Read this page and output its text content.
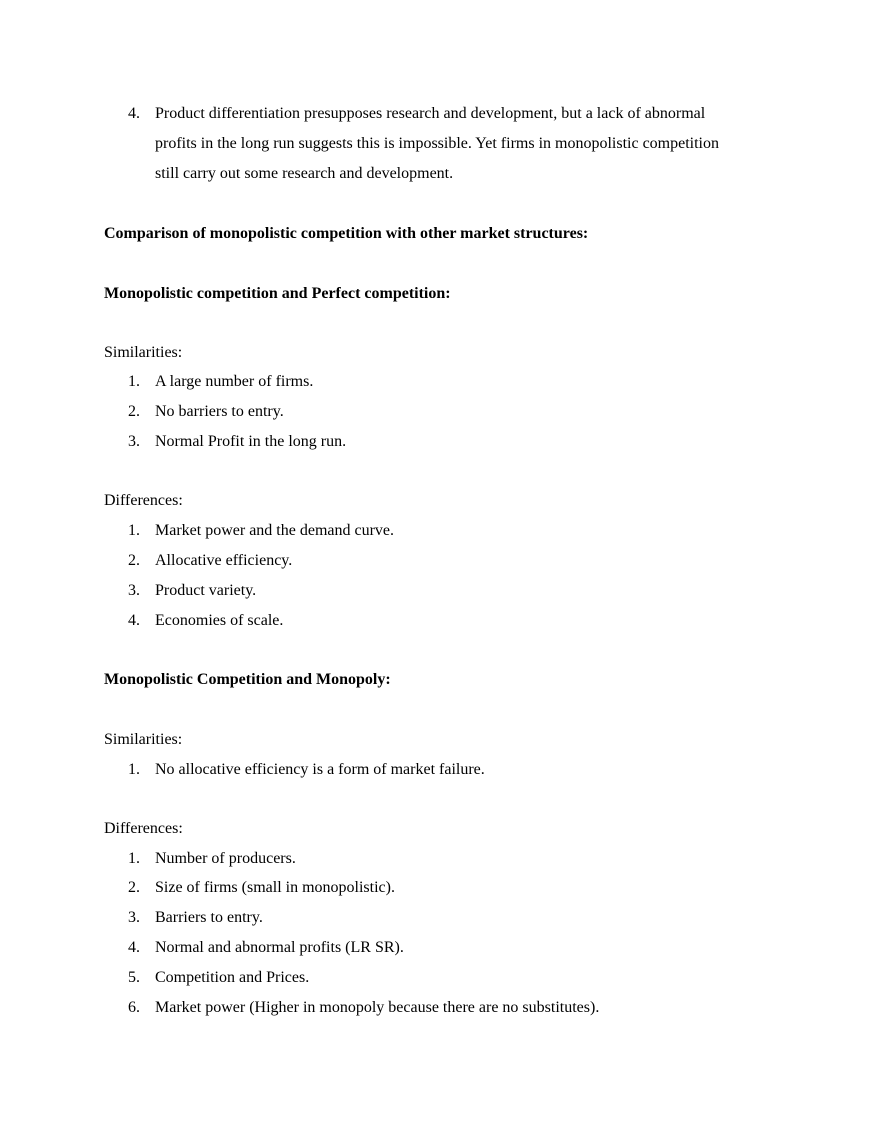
4. Product differentiation presupposes research and development, but a lack of abnormal
profits in the long run suggests this is impossible. Yet firms in monopolistic competition
still carry out some research and development.
Comparison of monopolistic competition with other market structures:
Monopolistic competition and Perfect competition:
Similarities:
1. A large number of firms.
2. No barriers to entry.
3. Normal Profit in the long run.
Differences:
1. Market power and the demand curve.
2. Allocative efficiency.
3. Product variety.
4. Economies of scale.
Monopolistic Competition and Monopoly:
Similarities:
1. No allocative efficiency is a form of market failure.
Differences:
1. Number of producers.
2. Size of firms (small in monopolistic).
3. Barriers to entry.
4. Normal and abnormal profits (LR SR).
5. Competition and Prices.
6. Market power (Higher in monopoly because there are no substitutes).
